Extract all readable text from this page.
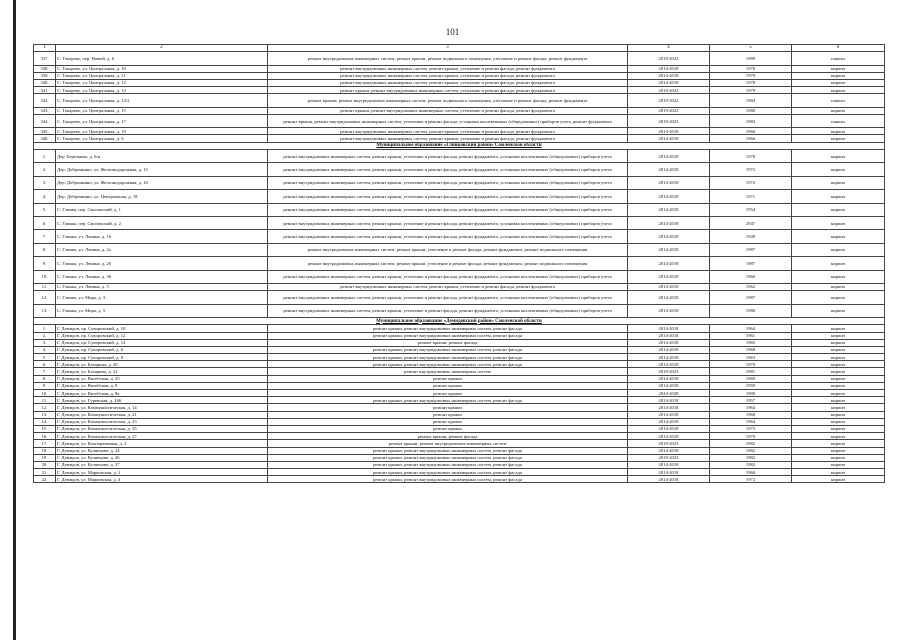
101
1	2	3	4	5	6
337.	С. Токарево, пер. Новый, д. 6	ремонт внутридомовых инженерных систем, ремонт крыши, ремонт подвального помещения, утепление и ремонт фасада, ремонт фундамента	2019-2023	1989	панели
338.	С. Токарево, ул. Центральная, д. 10	ремонт внутридомовых инженерных систем, ремонт крыши, утепление и ремонт фасада, ремонт фундамента	2014-2018	1978	кирпич
339.	С. Токарево, ул. Центральная, д. 11	ремонт внутридомовых инженерных систем, ремонт крыши, утепление и ремонт фасада, ремонт фундамента	2014-2018	1979	кирпич
340.	С. Токарево, ул. Центральная, д. 12	ремонт внутридомовых инженерных систем, ремонт крыши, утепление и ремонт фасада, ремонт фундамента	2014-2018	1978	кирпич
341.	С. Токарево, ул. Центральная, д. 13	ремонт крыши, ремонт внутридомовых инженерных систем, утепление и ремонт фасада, ремонт фундамента	2019-2023	1979	кирпич
342.	С. Токарево, ул. Центральная, д. 14/2	ремонт крыши, ремонт внутридомовых инженерных систем, ремонт подвального помещения, утепление и ремонт фасада, ремонт фундамента	2019-2023	1984	панели
343.	С. Токарево, ул. Центральная, д. 15	ремонт крыши, ремонт внутридомовых инженерных систем, утепление и ремонт фасада, ремонт фундамента	2019-2023	1980	кирпич
344.	С. Токарево, ул. Центральная, д. 17	ремонт крыши, ремонт внутридомовых инженерных систем, утепление и ремонт фасада, установка коллективных (общедомовых) приборов учета, ремонт фундамента	2019-2023	1983	панели
345.	С. Токарево, ул. Центральная, д. 19	ремонт внутридомовых инженерных систем, ремонт крыши, утепление и ремонт фасада, ремонт фундамента	2014-2018	1966	кирпич
346.	С. Токарево, ул. Центральная, д. 6	ремонт внутридомовых инженерных систем, ремонт крыши, утепление и ремонт фасада, ремонт фундамента	2014-2018	1966	кирпич
Муниципальное образование «Глинковский район» Смоленской области					
1.	Дер. Березкино, д. 6/н	ремонт внутридомовых инженерных систем, ремонт крыши, утепление и ремонт фасада, ремонт фундамента, установка коллективных (общедомовых) приборов учета	2014-2018	1978	кирпич
2.	Дер. Доброминно, ул. Железнодорожная, д. 15	ремонт внутридомовых инженерных систем, ремонт крыши, утепление и ремонт фасада, ремонт фундамента, установка коллективных (общедомовых) приборов учета	2014-2018	1972	кирпич
3.	Дер. Доброминно, ул. Железнодорожная, д. 16	ремонт внутридомовых инженерных систем, ремонт крыши, утепление и ремонт фасада, ремонт фундамента, установка коллективных (общедомовых) приборов учета	2014-2018	1972	кирпич
4.	Дер. Доброминно, ул. Центральная, д. 18	ремонт внутридомовых инженерных систем, ремонт крыши, утепление и ремонт фасада, ремонт фундамента, установка коллективных (общедомовых) приборов учета	2014-2018	1971	кирпич
5.	С. Глинка, пер. Смоленский, д. 1	ремонт внутридомовых инженерных систем, ремонт крыши, утепление и ремонт фасада, ремонт фундамента, установка коллективных (общедомовых) приборов учета	2014-2018	1954	кирпич
6.	С. Глинка, пер. Смоленский, д. 2	ремонт внутридомовых инженерных систем, ремонт крыши, утепление и ремонт фасада, ремонт фундамента, установка коллективных (общедомовых) приборов учета	2014-2018	2947	кирпич
7.	С. Глинка, ул. Ленина, д. 16	ремонт внутридомовых инженерных систем, ремонт крыши, утепление и ремонт фасада, ремонт фундамента, установка коллективных (общедомовых) приборов учета	2014-2018	1949	кирпич
8.	С. Глинка, ул. Ленина, д. 2а	ремонт внутридомовых инженерных систем, ремонт крыши, утепление и ремонт фасада, ремонт фундамента, ремонт подвального помещения	2014-2018	1987	кирпич
9.	С. Глинка, ул. Ленина, д. 2б	ремонт внутридомовых инженерных систем, ремонт крыши, утепление и ремонт фасада, ремонт фундамента, ремонт подвального помещения	2014-2018	1987	кирпич
10.	С. Глинка, ул. Ленина, д. 36	ремонт внутридомовых инженерных систем, ремонт крыши, утепление и ремонт фасада, ремонт фундамента, установка коллективных (общедомовых) приборов учета	2014-2018	1960	кирпич
11.	С. Глинка, ул. Ленина, д. 5	ремонт внутридомовых инженерных систем, ремонт крыши, утепление и ремонт фасада, ремонт фундамента	2014-2018	1962	кирпич
12.	С. Глинка, ул. Мира, д. 3	ремонт внутридомовых инженерных систем, ремонт крыши, утепление и ремонт фасада, ремонт фундамента, установка коллективных (общедомовых) приборов учета	2014-2018	1987	кирпич
13.	С. Глинка, ул. Мира, д. 5	ремонт внутридомовых инженерных систем, ремонт крыши, утепление и ремонт фасада, ремонт фундамента, установка коллективных (общедомовых) приборов учета	2014-2018	1986	кирпич
Муниципальное образование «Демидовский район» Смоленской области					
1.	Г. Демидов, пр. Суворовский, д. 10	ремонт крыши, ремонт внутридомовых инженерных систем, ремонт фасада	2014-2018	1964	кирпич
2.	Г. Демидов, пр. Суворовский, д. 12	ремонт крыши, ремонт внутридомовых инженерных систем, ремонт фасада	2014-2018	1961	кирпич
3.	Г. Демидов, пр. Суворовский, д. 14	ремонт крыши, ремонт фасада	2014-2018	1965	кирпич
4.	Г. Демидов, пр. Суворовский, д. 6	ремонт крыши, ремонт внутридомовых инженерных систем, ремонт фасада	2014-2018	1968	кирпич
5.	Г. Демидов, пр. Суворовский, д. 8	ремонт крыши, ремонт внутридомовых инженерных систем, ремонт фасада	2014-2018	1963	кирпич
6.	Г. Демидов, ул. Бахарина, д. 20	ремонт крыши, ремонт внутридомовых инженерных систем, ремонт фасада	2014-2018	1979	кирпич
7.	Г. Демидов, ул. Бахарина, д. 22	ремонт внутридомовых инженерных систем	2019-2023	1981	кирпич
8.	Г. Демидов, ул. Витебская, д. 25	ремонт крыши	2014-2018	1969	кирпич
9.	Г. Демидов, ул. Витебская, д. 8	ремонт крыши	2014-2018	1959	кирпич
10.	Г. Демидов, ул. Витебская, д. 8а	ремонт крыши	2024-2028	1990	кирпич
11.	Г. Демидов, ул. Гуревская, д. 166	ремонт крыши, ремонт внутридомовых инженерных систем, ремонт фасада	2014-2018	1957	кирпич
12.	Г. Демидов, ул. Коммунистическая, д. 14	ремонт крыши	2014-2018	1964	кирпич
13.	Г. Демидов, ул. Коммунистическая, д. 21	ремонт крыши	2014-2018	1968	кирпич
14.	Г. Демидов, ул. Коммунистическая, д. 23	ремонт крыши	2014-2018	1964	кирпич
15.	Г. Демидов, ул. Коммунистическая, д. 25	ремонт крыши	2014-2018	1975	кирпич
16.	Г. Демидов, ул. Коммунистическая, д. 27	ремонт крыши, ремонт фасада	2014-2018	1979	кирпич
17.	Г. Демидов, ул. Кооперативная, д. 2	ремонт крыши, ремонт внутридомовых инженерных систем	2019-2023	1982	кирпич
18.	Г. Демидов, ул. Кузнецова, д. 24	ремонт крыши, ремонт внутридомовых инженерных систем, ремонт фасада	2014-2018	1982	кирпич
19.	Г. Демидов, ул. Кузнецова, д. 26	ремонт крыши, ремонт внутридомовых инженерных систем, ремонт фасада	2019-2023	1982	кирпич
20.	Г. Демидов, ул. Кузнецова, д. 27	ремонт крыши, ремонт внутридомовых инженерных систем, ремонт фасада	2014-2018	1982	кирпич
21.	Г. Демидов, ул. Марковская, д. 1	ремонт крыши, ремонт внутридомовых инженерных систем, ремонт фасада	2014-2018	1968	кирпич
22.	Г. Демидов, ул. Марковская, д. 4	ремонт крыши, ремонт внутридомовых инженерных систем, ремонт фасада	2014-2018	1972	кирпич
